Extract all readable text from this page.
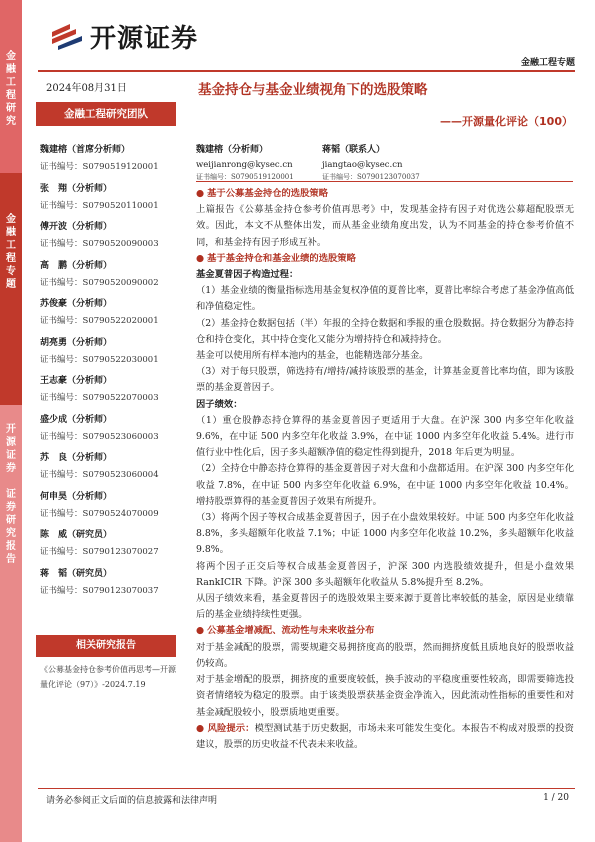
金
融
工
程
研
究
金
融
工
程
专
题
开
源
证
券
证
券
研
究
报
告
开源证券
金融工程专题
2024年08月31日	基金持仓与基金业绩视角下的选股策略
——开源量化评论（100）
金融工程研究团队
魏建榕（首席分析师）
证书编号：S0790519120001
张　翔（分析师）
证书编号：S0790520110001
傅开波（分析师）
证书编号：S0790520090003
高　鹏（分析师）
证书编号：S0790520090002
苏俊豪（分析师）
证书编号：S0790522020001
胡亮勇（分析师）
证书编号：S0790522030001
王志豪（分析师）
证书编号：S0790522070003
盛少成（分析师）
证书编号：S0790523060003
苏　良（分析师）
证书编号：S0790523060004
何申昊（分析师）
证书编号：S0790524070009
陈　威（研究员）
证书编号：S0790123070027
蒋　韬（研究员）
证书编号：S0790123070037
相关研究报告
《公募基金持仓参考价值再思考—开源量化评论（97）》-2024.7.19
魏建榕（分析师）
weijianrong@kysec.cn
证书编号：S0790519120001
蒋韬（联系人）
jiangtao@kysec.cn
证书编号：S0790123070037
● 基于公募基金持仓的选股策略

上篇报告《公募基金持仓参考价值再思考》中，发现基金持有因子对优选公募超配股票无效。因此，本文不从整体出发，而从基金业绩角度出发，认为不同基金的持仓参考价值不同，和基金持有因子形成互补。

● 基于基金持仓和基金业绩的选股策略
基金夏普因子构造过程：

（1）基金业绩的衡量指标选用基金复权净值的夏普比率，夏普比率综合考虑了基金净值高低和净值稳定性。

（2）基金持仓数据包括（半）年报的全持仓数据和季报的重仓股数据。持仓数据分为静态持仓和持仓变化，其中持仓变化又能分为增持持仓和减持持仓。

基金可以使用所有样本池内的基金，也能精选部分基金。

（3）对于每只股票，筛选持有/增持/减持该股票的基金，计算基金夏普比率均值，即为该股票的基金夏普因子。

因子绩效：

（1）重仓股静态持仓算得的基金夏普因子更适用于大盘。在沪深 300 内多空年化收益 9.6%，在中证 500 内多空年化收益 3.9%，在中证 1000 内多空年化收益 5.4%。进行市值行业中性化后，因子多头超额净值的稳定性得到提升，2018 年后更为明显。

（2）全持仓中静态持仓算得的基金夏普因子对大盘和小盘都适用。在沪深 300 内多空年化收益 7.8%，在中证 500 内多空年化收益 6.9%，在中证 1000 内多空年化收益 10.4%。增持股票算得的基金夏普因子效果有所提升。

（3）将两个因子等权合成基金夏普因子，因子在小盘效果较好。中证 500 内多空年化收益 8.8%，多头超额年化收益 7.1%；中证 1000 内多空年化收益 10.2%，多头超额年化收益 9.8%。

将两个因子正交后等权合成基金夏普因子，沪深 300 内选股绩效提升，但是小盘效果 RankICIR 下降。沪深 300 多头超额年化收益从 5.8%提升至 8.2%。

从因子绩效来看，基金夏普因子的选股效果主要来源于夏普比率较低的基金，原因是业绩靠后的基金业绩持续性更强。

● 公募基金增减配、流动性与未来收益分布

对于基金减配的股票，需要规避交易拥挤度高的股票，然而拥挤度低且质地良好的股票收益仍较高。

对于基金增配的股票，拥挤度的重要度较低，换手波动的平稳度重要性较高，即需要筛选投资者情绪较为稳定的股票。由于该类股票获基金资金净流入，因此流动性指标的重要性和对基金减配股较小，股票质地更重要。

● 风险提示：模型测试基于历史数据，市场未来可能发生变化。本报告不构成对股票的投资建议，股票的历史收益不代表未来收益。

请务必参阅正文后面的信息披露和法律声明	1 / 20
